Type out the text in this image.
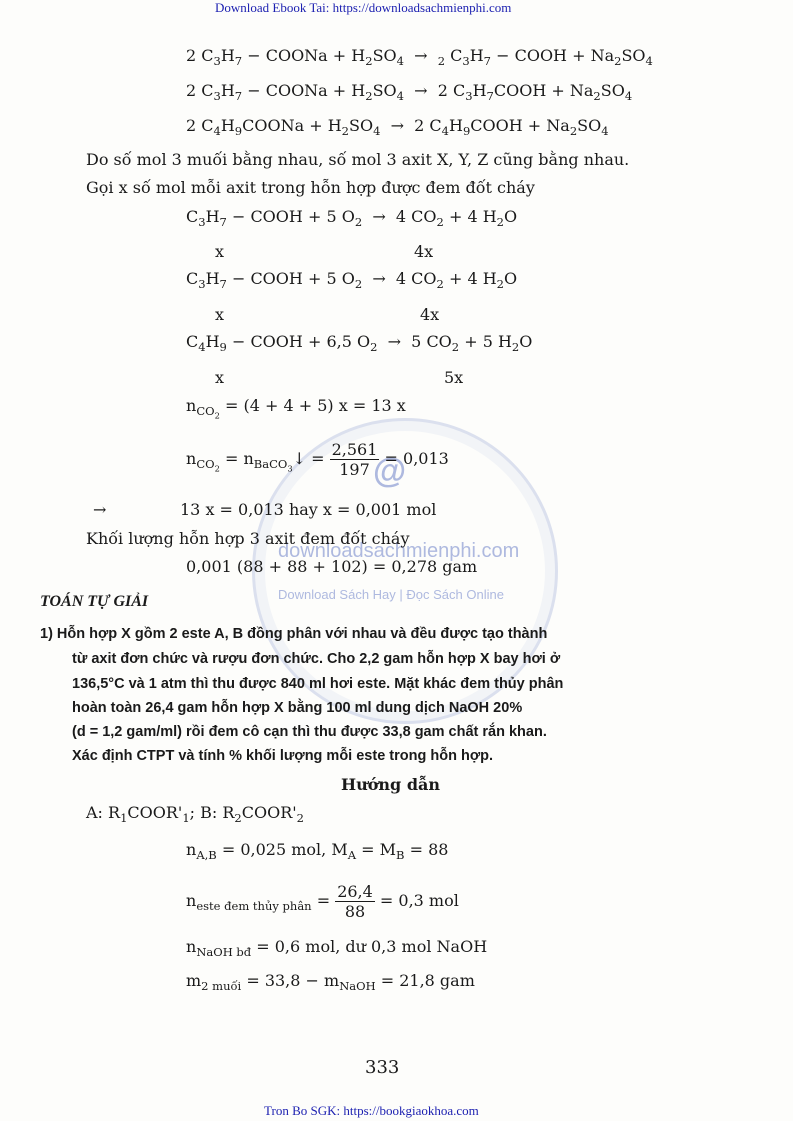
Download Ebook Tai: https://downloadsachmienphi.com
@
downloadsachmienphi.com
Download Sách Hay | Đọc Sách Online
2 $C_3H_7$ − COONa + $H_2SO_4 \to _2$ $C_3H_7$ − COOH + $Na_2SO_4$
2 $C_3H_7$ − COONa + $H_2SO_4 \to 2$ $C_3H_7COOH + Na_2SO_4$
2 $C_4H_9COONa + H_2SO_4 \to 2$ $C_4H_9COOH + Na_2SO_4$
Do số mol 3 muối bằng nhau, số mol 3 axit X, Y, Z cũng bằng nhau.
Gọi x số mol mỗi axit trong hỗn hợp được đem đốt cháy
$C_3H_7$ − COOH + 5 $O_2 \to 4$ $CO_2 + 4$ $H_2O$
x	4x
$C_3H_7$ − COOH + 5 $O_2 \to 4$ $CO_2 + 4$ $H_2O$
x	4x
$C_4H_9$ − COOH + 6,5 $O_2 \to 5$ $CO_2 + 5$ $H_2O$
x	5x
$n_{CO_2} = (4 + 4 + 5) x = 13$ x
$n_{CO_2}$ = $n_{BaCO_3}↓ = \frac{2,561}{197} = 0,013$
→	13 x = 0,013 hay x = 0,001 mol
Khối lượng hỗn hợp 3 axit đem đốt cháy
0,001 (88 + 88 + 102) = 0,278 gam
TOÁN TỰ GIẢI
1) Hỗn hợp X gồm 2 este A, B đồng phân với nhau và đều được tạo thành
từ axit đơn chức và rượu đơn chức. Cho 2,2 gam hỗn hợp X bay hơi ở
136,5°C và 1 atm thì thu được 840 ml hơi este. Mặt khác đem thủy phân
hoàn toàn 26,4 gam hỗn hợp X bằng 100 ml dung dịch NaOH 20%
(d = 1,2 gam/ml) rồi đem cô cạn thì thu được 33,8 gam chất rắn khan.
Xác định CTPT và tính % khối lượng mỗi este trong hỗn hợp.
Hướng dẫn
A: $R_1COOR'_1$; B: $R_2COOR'_2$
$n_{A,B} = 0,025$ mol, $M_A = M_B = 88$
$n_{este đem thủy phân} = \frac{26,4}{88} = 0,3$ mol
$n_{NaOH bđ} = 0,6$ mol, dư 0,3 mol NaOH
$m_{2 muối} = 33,8 - m_{NaOH} = 21,8$ gam
333
Tron Bo SGK: https://bookgiaokhoa.com
